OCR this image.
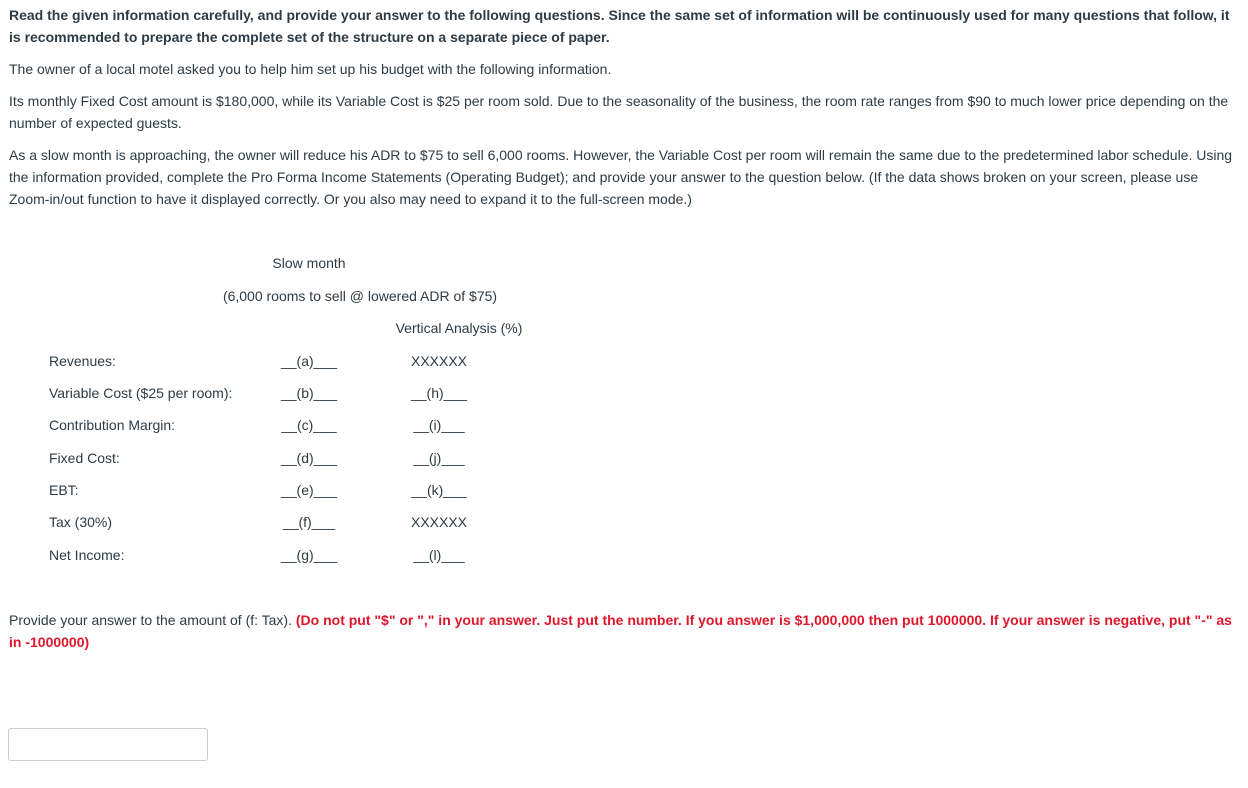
Read the given information carefully, and provide your answer to the following questions. Since the same set of information will be continuously used for many questions that follow, it is recommended to prepare the complete set of the structure on a separate piece of paper.

The owner of a local motel asked you to help him set up his budget with the following information.

Its monthly Fixed Cost amount is $180,000, while its Variable Cost is $25 per room sold. Due to the seasonality of the business, the room rate ranges from $90 to much lower price depending on the number of expected guests.

As a slow month is approaching, the owner will reduce his ADR to $75 to sell 6,000 rooms. However, the Variable Cost per room will remain the same due to the predetermined labor schedule. Using the information provided, complete the Pro Forma Income Statements (Operating Budget); and provide your answer to the question below. (If the data shows broken on your screen, please use Zoom-in/out function to have it displayed correctly. Or you also may need to expand it to the full-screen mode.)

Slow month
(6,000 rooms to sell @ lowered ADR of $75)
Vertical Analysis (%)
Revenues:	__(a)___	XXXXXX
Variable Cost ($25 per room):	__(b)___	__(h)___
Contribution Margin:	__(c)___	__(i)___
Fixed Cost:	__(d)___	__(j)___
EBT:	__(e)___	__(k)___
Tax (30%)	__(f)___	XXXXXX
Net Income:	__(g)___	__(l)___

Provide your answer to the amount of (f: Tax). (Do not put "$" or "," in your answer. Just put the number. If you answer is $1,000,000 then put 1000000. If your answer is negative, put "-" as in -1000000)
